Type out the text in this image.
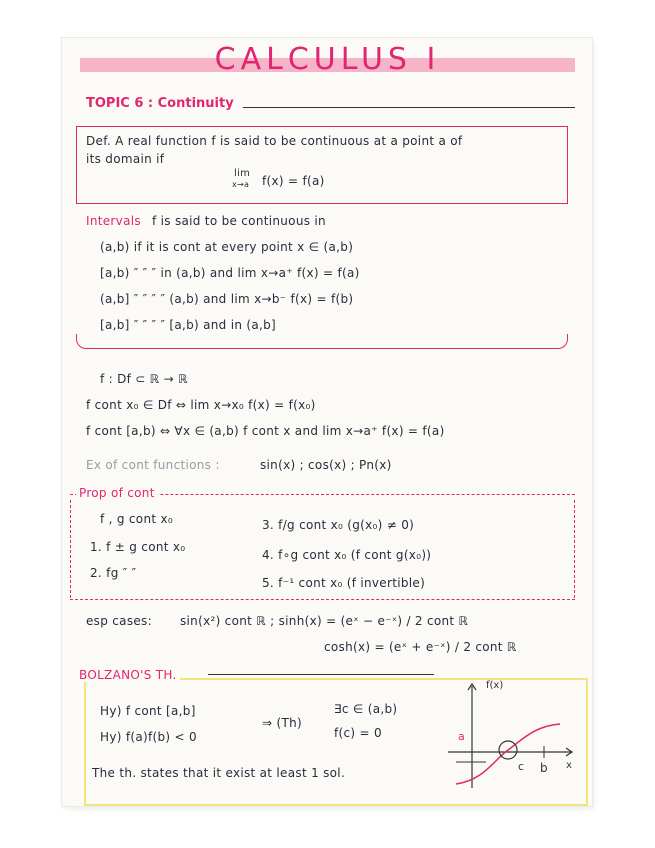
CALCULUS I
TOPIC 6 : Continuity
Def. A real function f is said to be continuous at a point a of
its domain if
lim
x→a f(x) = f(a)
Intervals f is said to be continuous in
(a,b) if it is cont at every point x ∈ (a,b)
[a,b) ″ ″ ″ in (a,b) and lim x→a⁺ f(x) = f(a)
(a,b] ″ ″ ″ ″ (a,b) and lim x→b⁻ f(x) = f(b)
[a,b] ″ ″ ″ ″ [a,b) and in (a,b]
f : Df ⊂ ℝ → ℝ
f cont x₀ ∈ Df ⇔ lim x→x₀ f(x) = f(x₀)
f cont [a,b) ⇔ ∀x ∈ (a,b) f cont x and lim x→a⁺ f(x) = f(a)
Ex of cont functions :	sin(x) ; cos(x) ; Pn(x)
Prop of cont
f , g cont x₀
1. f ± g cont x₀
2. fg ″ ″
3. f/g cont x₀ (g(x₀) ≠ 0)
4. f∘g cont x₀ (f cont g(x₀))
5. f⁻¹ cont x₀ (f invertible)
esp cases: sin(x²) cont ℝ ; sinh(x) = (eˣ − e⁻ˣ) / 2 cont ℝ
cosh(x) = (eˣ + e⁻ˣ) / 2 cont ℝ
BOLZANO'S TH.
Hy) f cont [a,b]
Hy) f(a)f(b) < 0
⇒ (Th)
∃c ∈ (a,b)
f(c) = 0
The th. states that it exist at least 1 sol.
f(x)
x
a
c b
